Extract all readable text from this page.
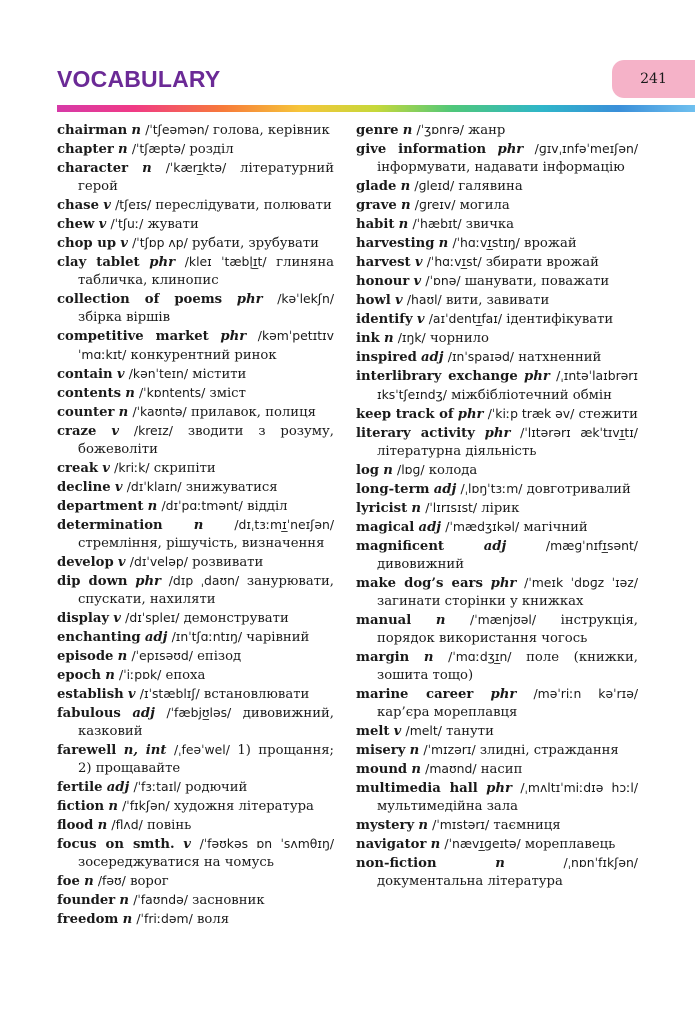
VOCABULARY	241
chairman n /ˈtʃeəmən/ голова, керівник
chapter n /ˈtʃæptə/ розділ
character n /ˈkærɪ̲ktə/ літературний герой
chase v /tʃeɪs/ переслідувати, полювати
chew v /ˈtʃuː/ жувати
chop up v /ˈtʃɒp ʌp/ рубати, зрубувати
clay tablet phr /kleɪ ˈtæbl̩ɪ̲t/ глиняна табличка, клинопис
collection of poems phr /kəˈlekʃn/ збірка віршів
competitive market phr /kəmˈpetɪtɪv ˈmɑːkɪt/ конкурентний ринок
contain v /kənˈteɪn/ містити
contents n /ˈkɒntents/ зміст
counter n /ˈkaʊntə/ прилавок, полиця
craze v /kreɪz/ зводити з розуму, божеволіти
creak v /kriːk/ скрипіти
decline v /dɪˈklaɪn/ знижуватися
department n /dɪˈpɑːtmənt/ відділ
determination n	/dɪˌtɜːmɪ̲ˈneɪʃən/ стремління, рішучість, визначення
develop v /dɪˈveləp/ розвивати
dip down phr /dɪp ˌdaʊn/ занурювати, спускати, нахиляти
display v /dɪˈspleɪ/ демонструвати
enchanting adj /ɪnˈtʃɑːntɪŋ/ чарівний
episode n /ˈepɪsəʊd/ епізод
epoch n /ˈiːpɒk/ епоха
establish v /ɪˈstæblɪʃ/ встановлювати
fabulous adj /ˈfæbjʊ̲ləs/ дивовижний, казковий
farewell n, int /ˌfeəˈwel/ 1) прощання; 2) прощавайте
fertile adj /ˈfɜːtaɪl/ родючий
fiction n /ˈfɪkʃən/ художня література
flood n /flʌd/ повінь
focus on smth. v /ˈfəʊkəs ɒn ˈsʌmθɪŋ/ зосереджуватися на чомусь
foe n /fəʊ/ ворог
founder n /ˈfaʊndə/ засновник
freedom n /ˈfriːdəm/ воля
genre n /ˈʒɒnrə/ жанр
give information phr /ɡɪvˌɪnfəˈmeɪʃən/ інформувати, надавати інформацію
glade n /ɡleɪd/ галявина
grave n /ɡreɪv/ могила
habit n /ˈhæbɪt/ звичка
harvesting n /ˈhɑːvɪ̲stɪŋ/ врожай
harvest v /ˈhɑːvɪ̲st/ збирати врожай
honour v /ˈɒnə/ шанувати, поважати
howl v /haʊl/ вити, завивати
identify v /aɪˈdentɪ̲faɪ/ ідентифікувати
ink n /ɪŋk/ чорнило
inspired adj /ɪnˈspaɪəd/ натхненний
interlibrary exchange phr /ˌɪntəˈlaɪbrərɪ ɪksˈtʃeɪndʒ/ міжбібліотечний обмін
keep track of phr /ˈkiːp træk əv/ стежити
literary activity phr /ˈlɪtərərɪ ækˈtɪvɪ̲tɪ/ літературна діяльність
log n /lɒɡ/ колода
long-term adj /ˌlɒŋˈtɜːm/ довготривалий
lyricist n /ˈlɪrɪsɪst/ лірик
magical adj /ˈmædʒɪkəl/ магічний
magnificent	adj	/mæɡˈnɪfɪ̲sənt/ дивовижний
make dog’s ears phr /ˈmeɪk ˈdɒɡz ˈɪəz/ загинати сторінки у книжках
manual n /ˈmænjʊəl/ інструкція, порядок використання чогось
margin n /ˈmɑːdʒɪ̲n/ поле (книжки, зошита тощо)
marine career phr /məˈriːn kəˈrɪə/ кар’єра мореплавця
melt v /melt/ танути
misery n /ˈmɪzərɪ/ злидні, страждання
mound n /maʊnd/ насип
multimedia hall phr /ˌmʌltɪˈmiːdɪə hɔːl/ мультимедійна зала
mystery n /ˈmɪstərɪ/ таємниця
navigator n /ˈnævɪ̲ɡeɪtə/ мореплавець
non-fiction	n	/ˌnɒnˈfɪkʃən/ документальна література
